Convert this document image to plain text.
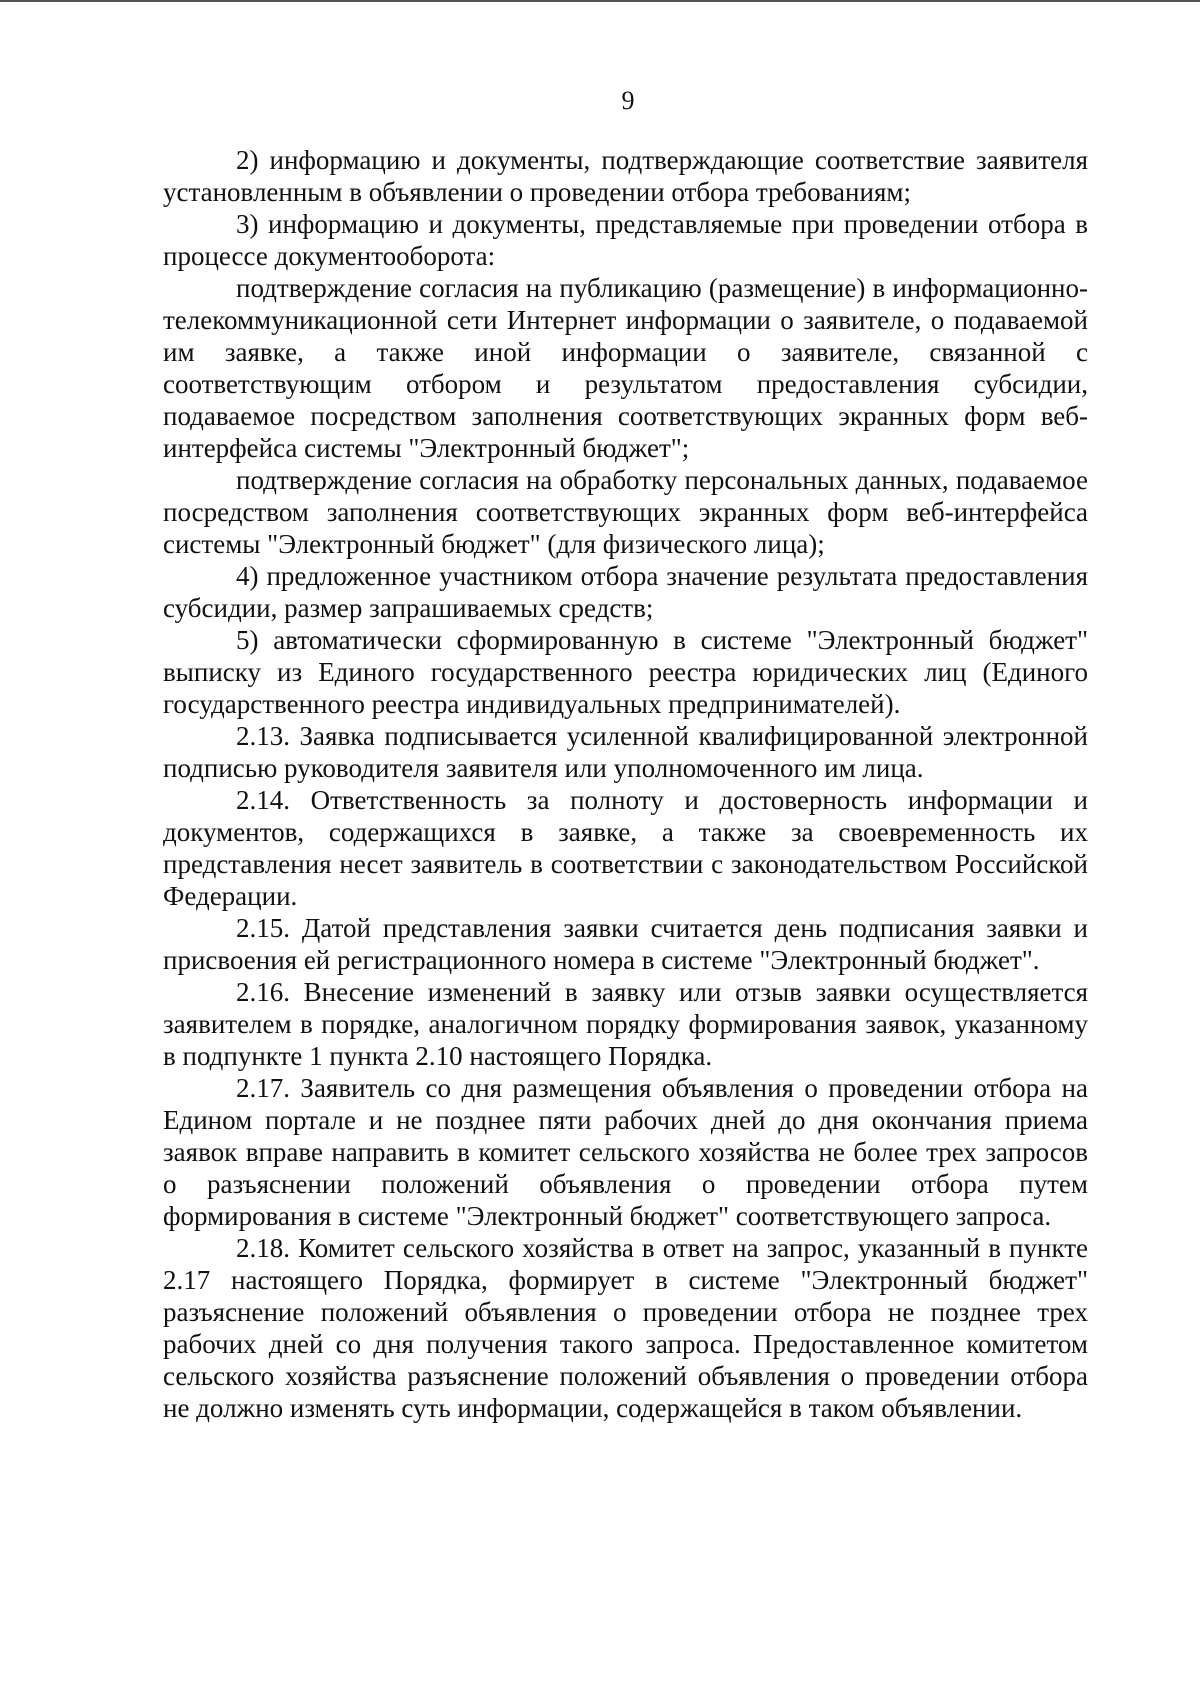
9

2) информацию и документы, подтверждающие соответствие заявителя установленным в объявлении о проведении отбора требованиям;

3) информацию и документы, представляемые при проведении отбора в процессе документооборота:

подтверждение согласия на публикацию (размещение) в информационно-телекоммуникационной сети Интернет информации о заявителе, о подаваемой им заявке, а также иной информации о заявителе, связанной с соответствующим отбором и результатом предоставления субсидии, подаваемое посредством заполнения соответствующих экранных форм веб-интерфейса системы "Электронный бюджет";

подтверждение согласия на обработку персональных данных, подаваемое посредством заполнения соответствующих экранных форм веб-интерфейса системы "Электронный бюджет" (для физического лица);

4) предложенное участником отбора значение результата предоставления субсидии, размер запрашиваемых средств;

5) автоматически сформированную в системе "Электронный бюджет" выписку из Единого государственного реестра юридических лиц (Единого государственного реестра индивидуальных предпринимателей).

2.13. Заявка подписывается усиленной квалифицированной электронной подписью руководителя заявителя или уполномоченного им лица.

2.14. Ответственность за полноту и достоверность информации и документов, содержащихся в заявке, а также за своевременность их представления несет заявитель в соответствии с законодательством Российской Федерации.

2.15. Датой представления заявки считается день подписания заявки и присвоения ей регистрационного номера в системе "Электронный бюджет".

2.16. Внесение изменений в заявку или отзыв заявки осуществляется заявителем в порядке, аналогичном порядку формирования заявок, указанному в подпункте 1 пункта 2.10 настоящего Порядка.

2.17. Заявитель со дня размещения объявления о проведении отбора на Едином портале и не позднее пяти рабочих дней до дня окончания приема заявок вправе направить в комитет сельского хозяйства не более трех запросов о разъяснении положений объявления о проведении отбора путем формирования в системе "Электронный бюджет" соответствующего запроса.

2.18. Комитет сельского хозяйства в ответ на запрос, указанный в пункте 2.17 настоящего Порядка, формирует в системе "Электронный бюджет" разъяснение положений объявления о проведении отбора не позднее трех рабочих дней со дня получения такого запроса. Предоставленное комитетом сельского хозяйства разъяснение положений объявления о проведении отбора не должно изменять суть информации, содержащейся в таком объявлении.
